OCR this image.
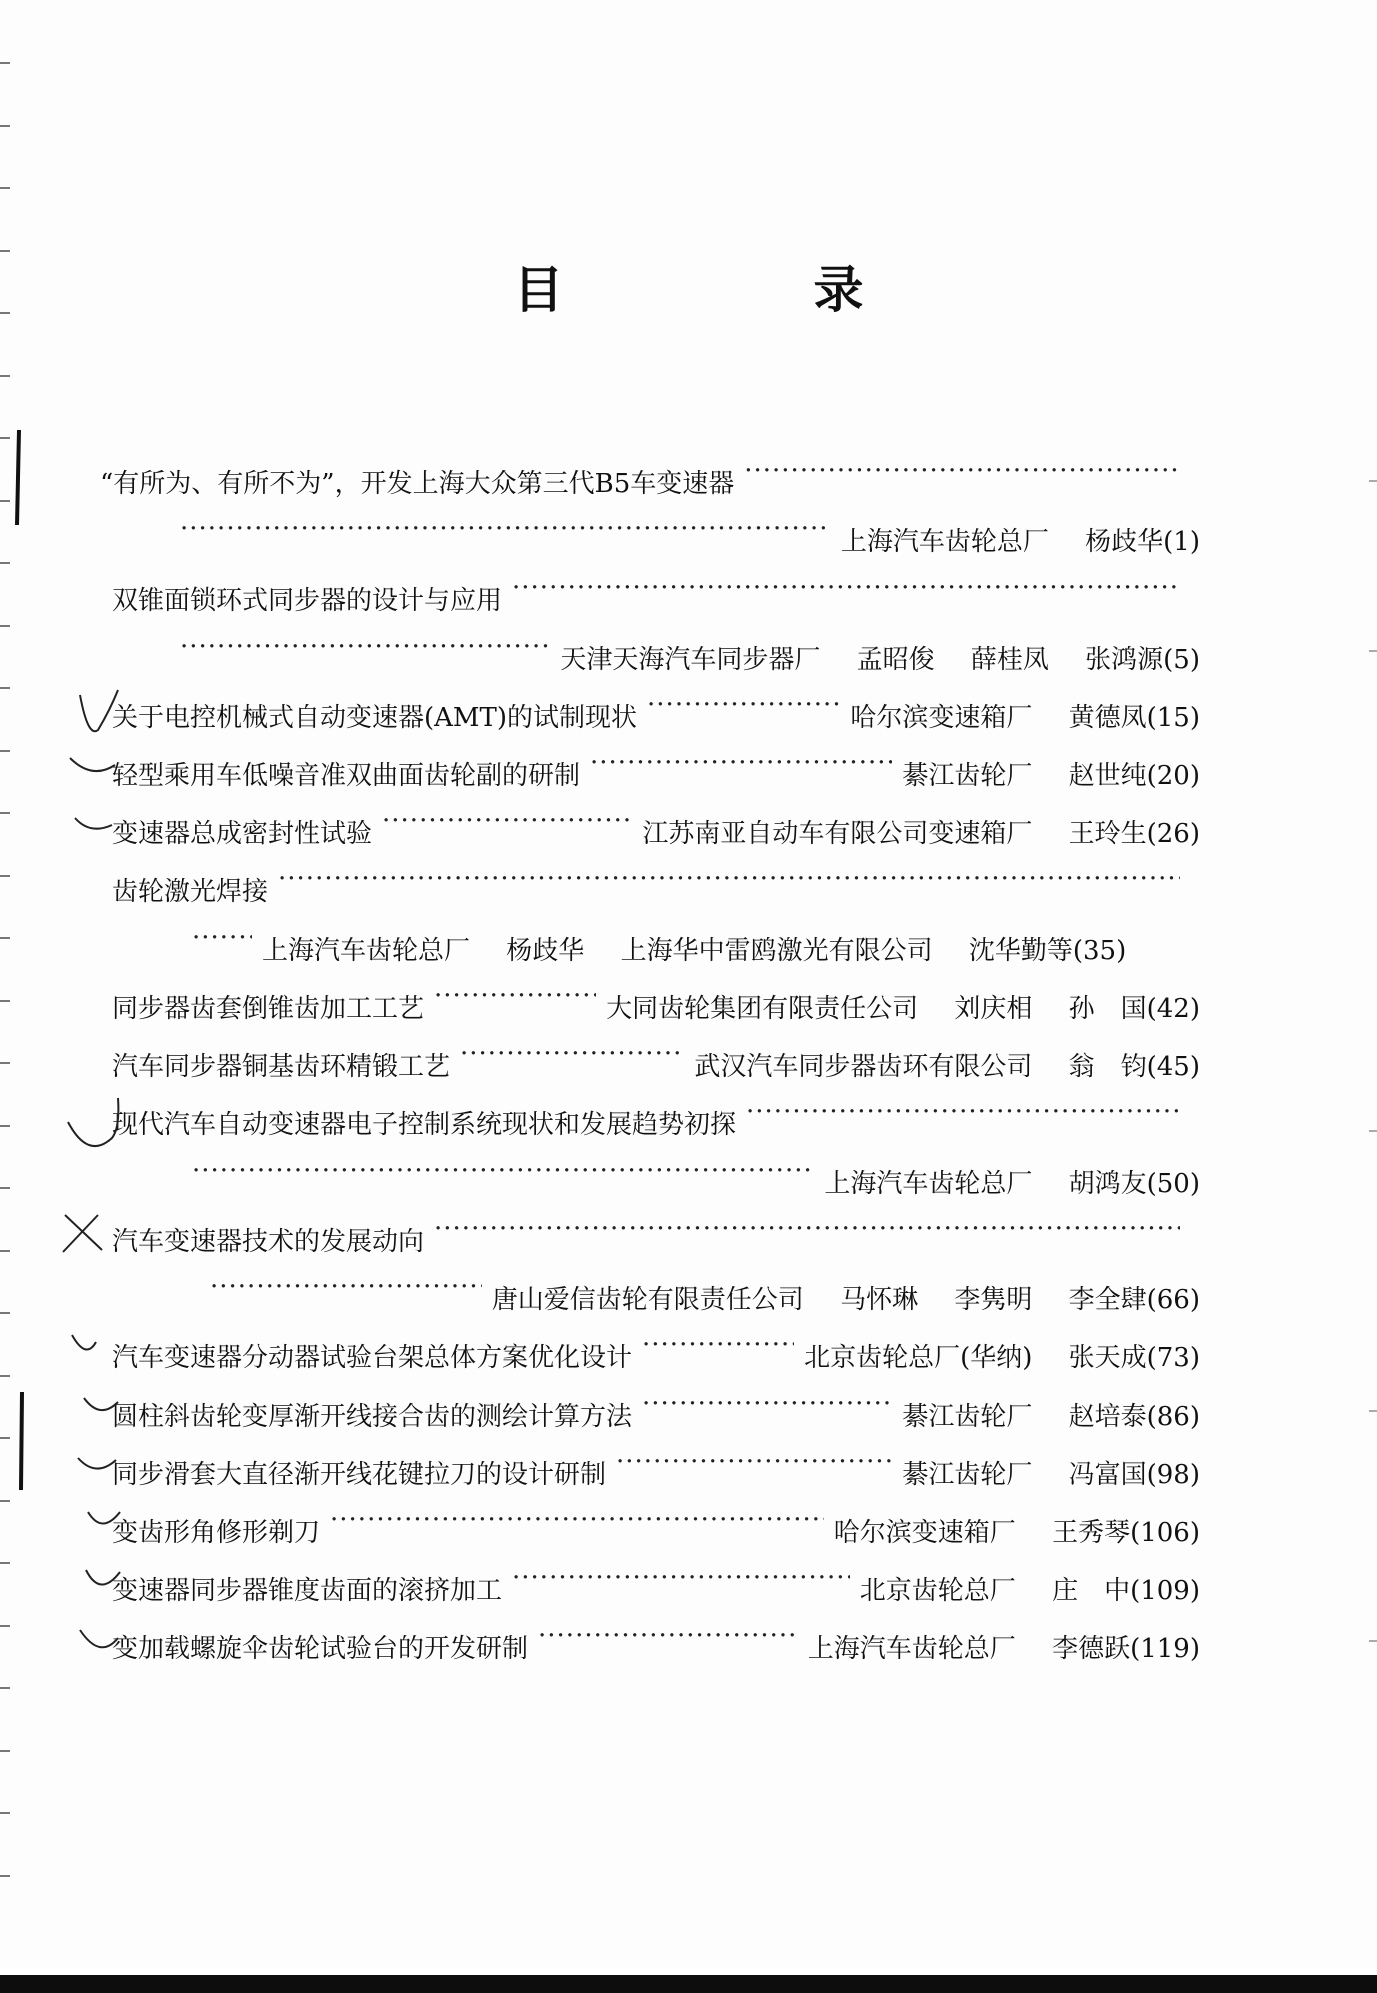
目　录
“有所为、有所不为”，开发上海大众第三代B5车变速器
·····
·····
上海汽车齿轮总厂 杨歧华(1)
双锥面锁环式同步器的设计与应用
·····
·····
天津天海汽车同步器厂 孟昭俊 薛桂凤 张鸿源(5)
关于电控机械式自动变速器(AMT)的试制现状 ·····	哈尔滨变速箱厂 黄德凤(15)
轻型乘用车低噪音准双曲面齿轮副的研制 ·····	綦江齿轮厂 赵世纯(20)
变速器总成密封性试验 ·····	江苏南亚自动车有限公司变速箱厂 王玲生(26)
齿轮激光焊接
·····
·····
上海汽车齿轮总厂 杨歧华 上海华中雷鸥激光有限公司 沈华勤等(35)
同步器齿套倒锥齿加工工艺 ·····	大同齿轮集团有限责任公司 刘庆相 孙　国(42)
汽车同步器铜基齿环精锻工艺 ·····	武汉汽车同步器齿环有限公司 翁　钧(45)
现代汽车自动变速器电子控制系统现状和发展趋势初探
·····
·····
上海汽车齿轮总厂 胡鸿友(50)
汽车变速器技术的发展动向
·····
·····
唐山爱信齿轮有限责任公司 马怀琳 李隽明 李全肆(66)
汽车变速器分动器试验台架总体方案优化设计 ·····	北京齿轮总厂(华纳) 张天成(73)
圆柱斜齿轮变厚渐开线接合齿的测绘计算方法 ·····	綦江齿轮厂 赵培泰(86)
同步滑套大直径渐开线花键拉刀的设计研制 ·····	綦江齿轮厂 冯富国(98)
变齿形角修形剃刀 ·····	哈尔滨变速箱厂 王秀琴(106)
变速器同步器锥度齿面的滚挤加工 ·····	北京齿轮总厂 庄　中(109)
变加载螺旋伞齿轮试验台的开发研制 ·····	上海汽车齿轮总厂 李德跃(119)
